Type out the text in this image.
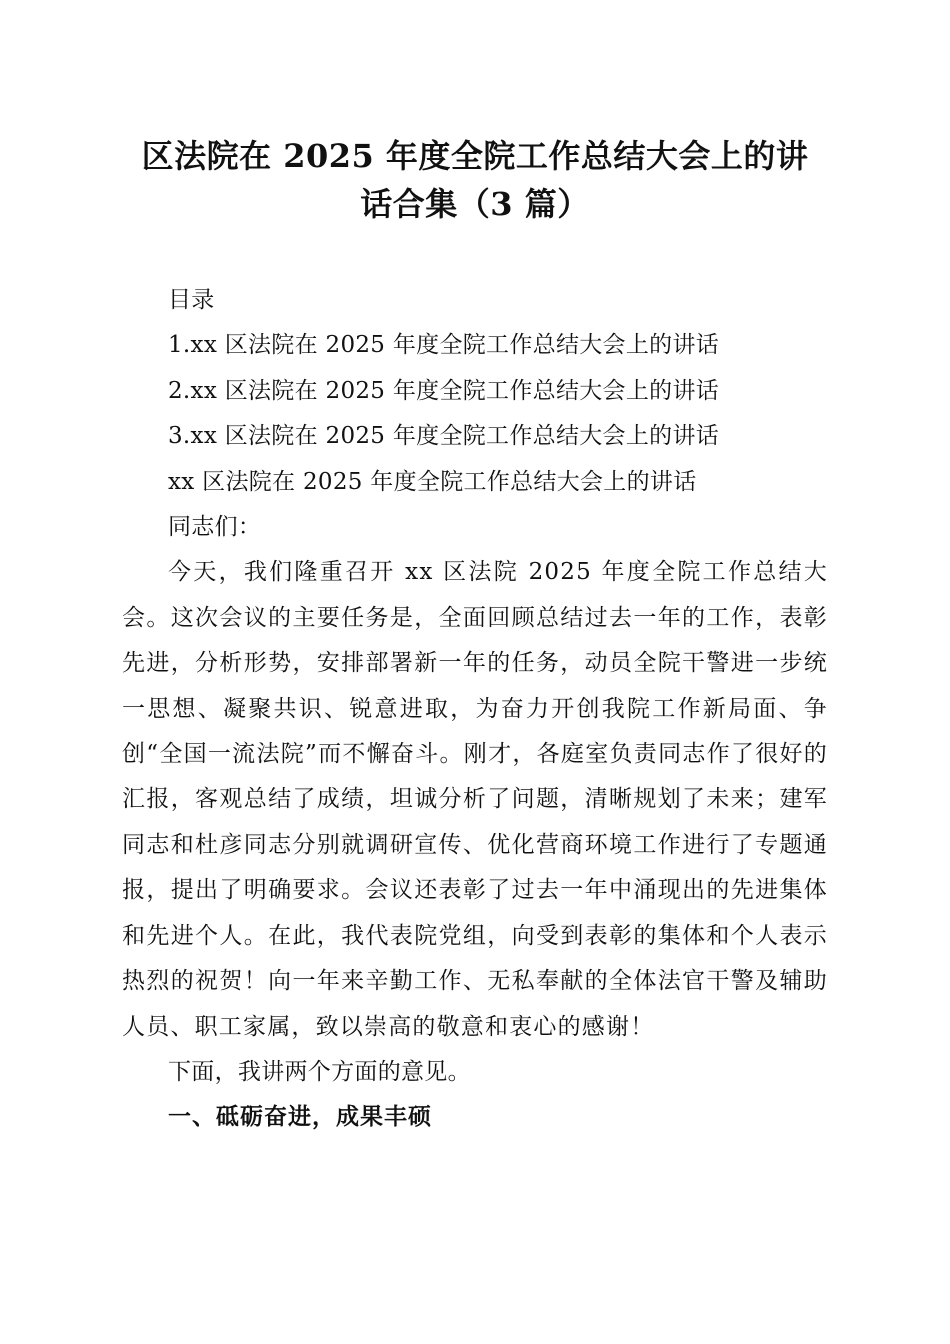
区法院在 2025 年度全院工作总结大会上的讲
话合集（3 篇）

目录

1.xx 区法院在 2025 年度全院工作总结大会上的讲话

2.xx 区法院在 2025 年度全院工作总结大会上的讲话

3.xx 区法院在 2025 年度全院工作总结大会上的讲话

xx 区法院在 2025 年度全院工作总结大会上的讲话

同志们：

今天，我们隆重召开 xx 区法院 2025 年度全院工作总结大会。这次会议的主要任务是，全面回顾总结过去一年的工作，表彰先进，分析形势，安排部署新一年的任务，动员全院干警进一步统一思想、凝聚共识、锐意进取，为奋力开创我院工作新局面、争创“全国一流法院”而不懈奋斗。刚才，各庭室负责同志作了很好的汇报，客观总结了成绩，坦诚分析了问题，清晰规划了未来；建军同志和杜彦同志分别就调研宣传、优化营商环境工作进行了专题通报，提出了明确要求。会议还表彰了过去一年中涌现出的先进集体和先进个人。在此，我代表院党组，向受到表彰的集体和个人表示热烈的祝贺！向一年来辛勤工作、无私奉献的全体法官干警及辅助人员、职工家属，致以崇高的敬意和衷心的感谢！

下面，我讲两个方面的意见。

一、砥砺奋进，成果丰硕
